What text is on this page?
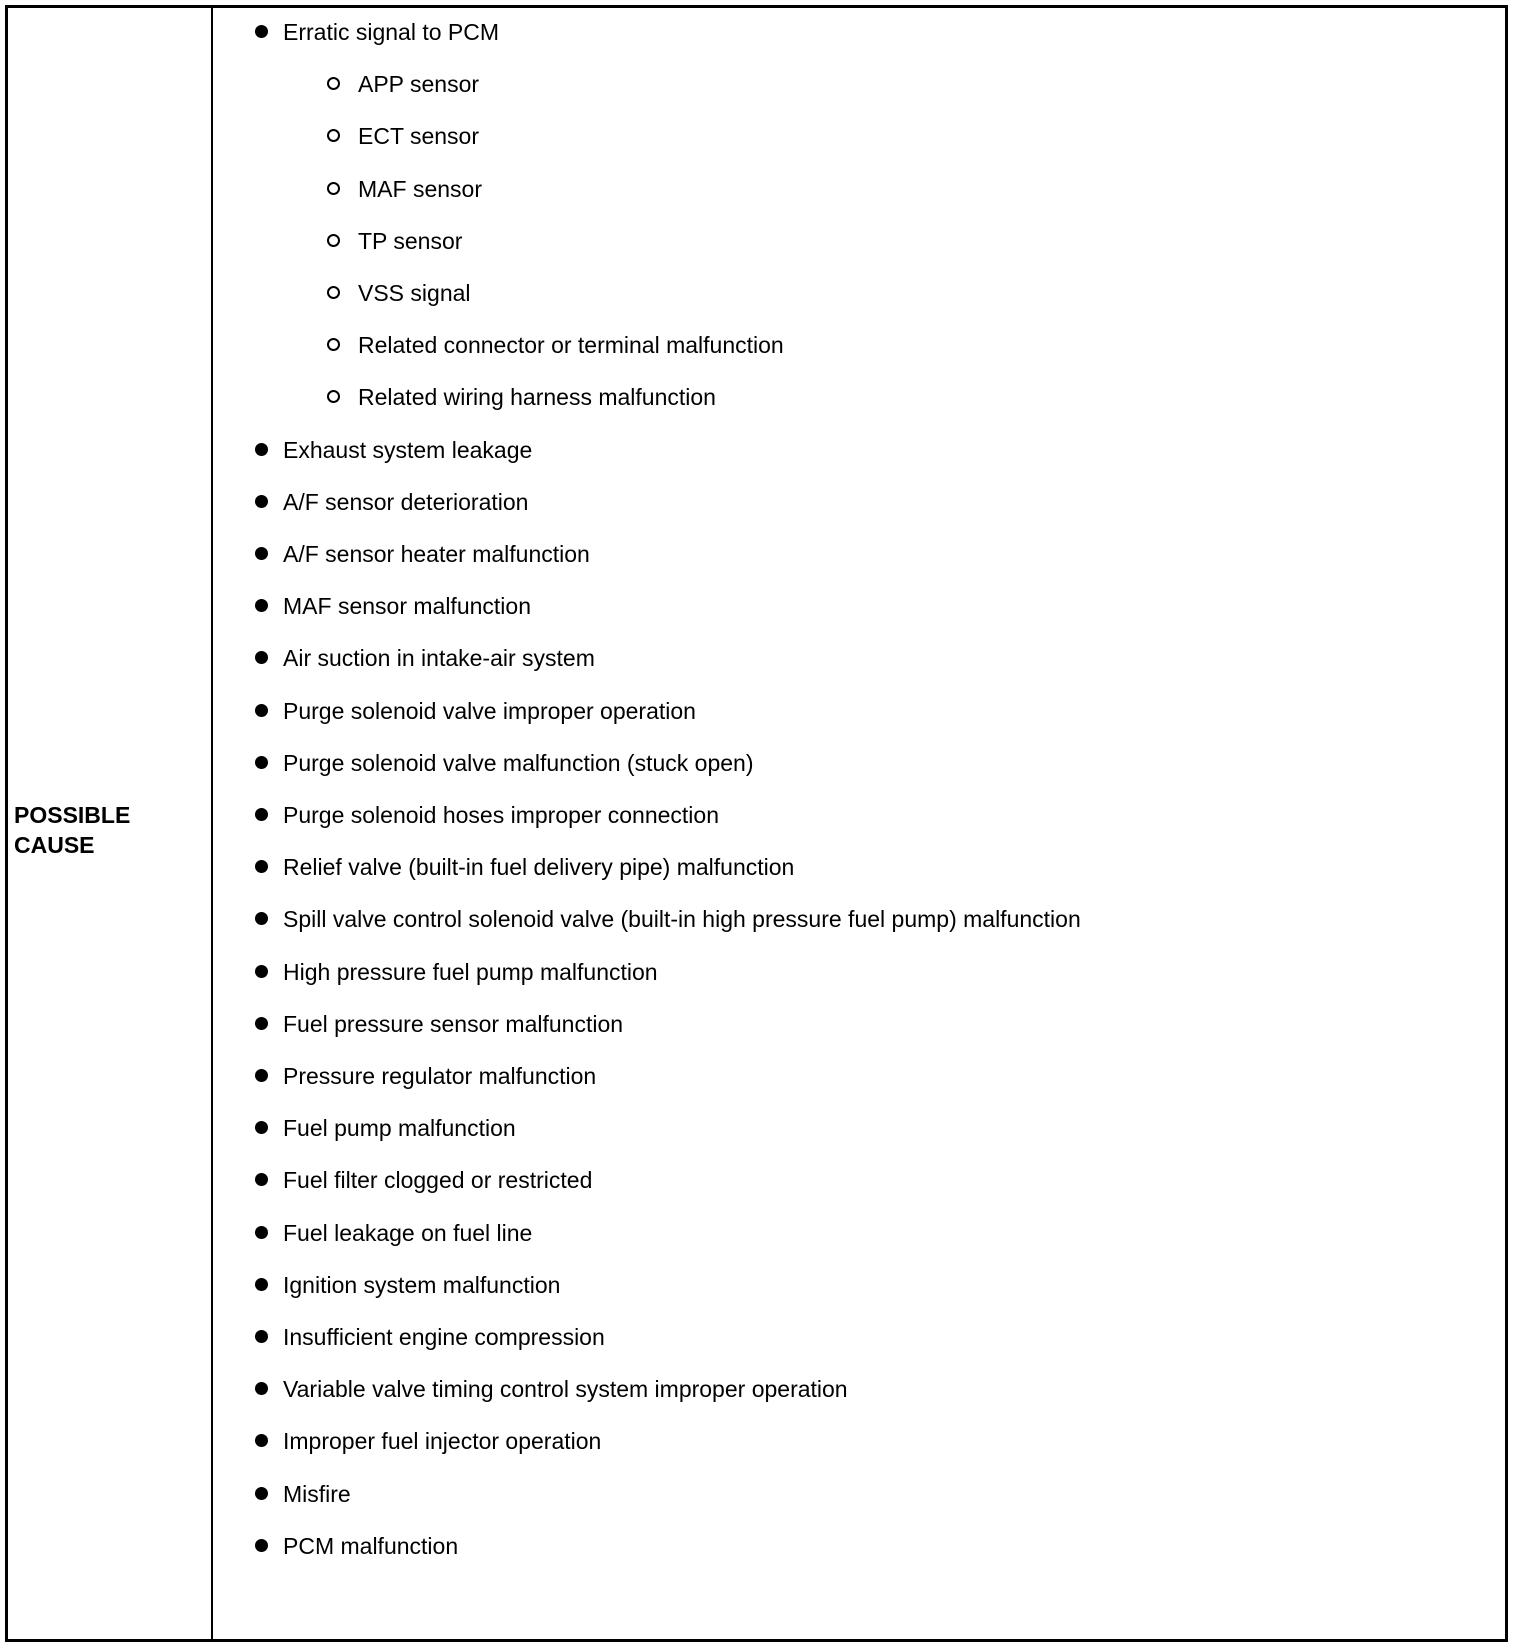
POSSIBLE
CAUSE
Erratic signal to PCM
APP sensor
ECT sensor
MAF sensor
TP sensor
VSS signal
Related connector or terminal malfunction
Related wiring harness malfunction
Exhaust system leakage
A/F sensor deterioration
A/F sensor heater malfunction
MAF sensor malfunction
Air suction in intake-air system
Purge solenoid valve improper operation
Purge solenoid valve malfunction (stuck open)
Purge solenoid hoses improper connection
Relief valve (built-in fuel delivery pipe) malfunction
Spill valve control solenoid valve (built-in high pressure fuel pump) malfunction
High pressure fuel pump malfunction
Fuel pressure sensor malfunction
Pressure regulator malfunction
Fuel pump malfunction
Fuel filter clogged or restricted
Fuel leakage on fuel line
Ignition system malfunction
Insufficient engine compression
Variable valve timing control system improper operation
Improper fuel injector operation
Misfire
PCM malfunction
